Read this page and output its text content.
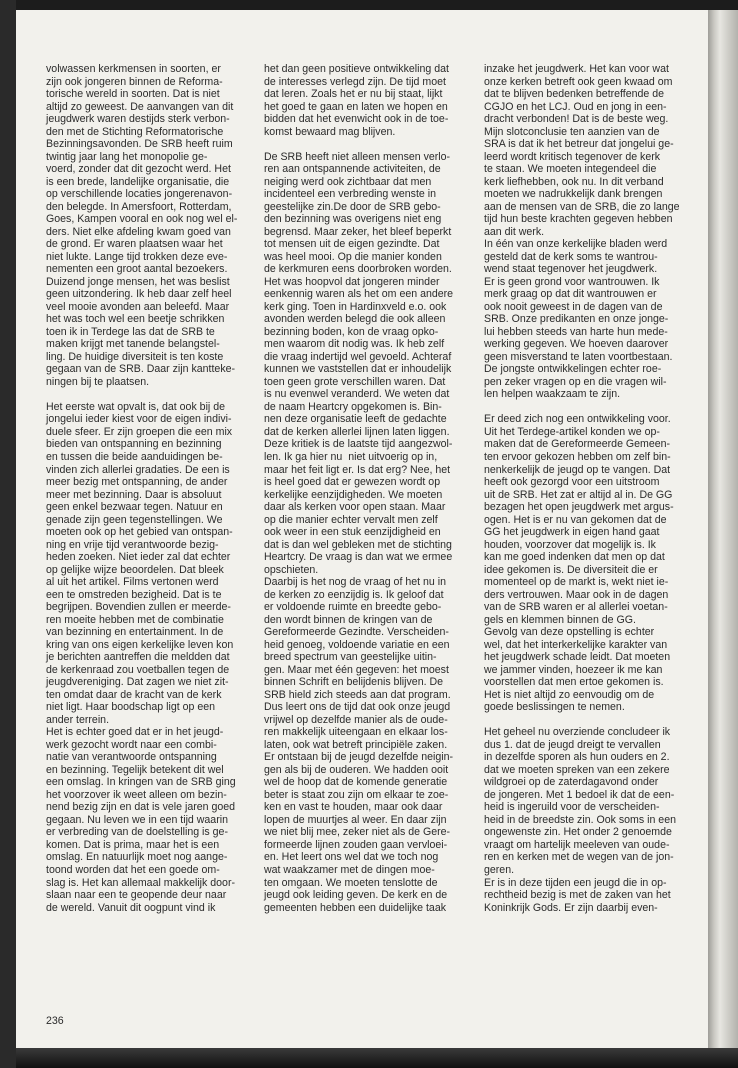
volwassen kerkmensen in soorten, er

zijn ook jongeren binnen de Reforma-

torische wereld in soorten. Dat is niet

altijd zo geweest. De aanvangen van dit

jeugdwerk waren destijds sterk verbon-

den met de Stichting Reformatorische

Bezinningsavonden. De SRB heeft ruim

twintig jaar lang het monopolie ge-

voerd, zonder dat dit gezocht werd. Het

is een brede, landelijke organisatie, die

op verschillende locaties jongerenavon-

den belegde. In Amersfoort, Rotterdam,

Goes, Kampen vooral en ook nog wel el-

ders. Niet elke afdeling kwam goed van

de grond. Er waren plaatsen waar het

niet lukte. Lange tijd trokken deze eve-

nementen een groot aantal bezoekers.

Duizend jonge mensen, het was beslist

geen uitzondering. Ik heb daar zelf heel

veel mooie avonden aan beleefd. Maar

het was toch wel een beetje schrikken

toen ik in Terdege las dat de SRB te

maken krijgt met tanende belangstel-

ling. De huidige diversiteit is ten koste

gegaan van de SRB. Daar zijn kantteke-

ningen bij te plaatsen.

Het eerste wat opvalt is, dat ook bij de

jongelui ieder kiest voor de eigen indivi-

duele sfeer. Er zijn groepen die een mix

bieden van ontspanning en bezinning

en tussen die beide aanduidingen be-

vinden zich allerlei gradaties. De een is

meer bezig met ontspanning, de ander

meer met bezinning. Daar is absoluut

geen enkel bezwaar tegen. Natuur en

genade zijn geen tegenstellingen. We

moeten ook op het gebied van ontspan-

ning en vrije tijd verantwoorde bezig-

heden zoeken. Niet ieder zal dat echter

op gelijke wijze beoordelen. Dat bleek

al uit het artikel. Films vertonen werd

een te omstreden bezigheid. Dat is te

begrijpen. Bovendien zullen er meerde-

ren moeite hebben met de combinatie

van bezinning en entertainment. In de

kring van ons eigen kerkelijke leven kon

je berichten aantreffen die meldden dat

de kerkenraad zou voetballen tegen de

jeugdvereniging. Dat zagen we niet zit-

ten omdat daar de kracht van de kerk

niet ligt. Haar boodschap ligt op een

ander terrein.

Het is echter goed dat er in het jeugd-

werk gezocht wordt naar een combi-

natie van verantwoorde ontspanning

en bezinning. Tegelijk betekent dit wel

een omslag. In kringen van de SRB ging

het voorzover ik weet alleen om bezin-

nend bezig zijn en dat is vele jaren goed

gegaan. Nu leven we in een tijd waarin

er verbreding van de doelstelling is ge-

komen. Dat is prima, maar het is een

omslag. En natuurlijk moet nog aange-

toond worden dat het een goede om-

slag is. Het kan allemaal makkelijk door-

slaan naar een te geopende deur naar

de wereld. Vanuit dit oogpunt vind ik

het dan geen positieve ontwikkeling dat

de interesses verlegd zijn. De tijd moet

dat leren. Zoals het er nu bij staat, lijkt

het goed te gaan en laten we hopen en

bidden dat het evenwicht ook in de toe-

komst bewaard mag blijven.

De SRB heeft niet alleen mensen verlo-

ren aan ontspannende activiteiten, de

neiging werd ook zichtbaar dat men

incidenteel een verbreding wenste in

geestelijke zin.De door de SRB gebo-

den bezinning was overigens niet eng

begrensd. Maar zeker, het bleef beperkt

tot mensen uit de eigen gezindte. Dat

was heel mooi. Op die manier konden

de kerkmuren eens doorbroken worden.

Het was hoopvol dat jongeren minder

eenkennig waren als het om een andere

kerk ging. Toen in Hardinxveld e.o. ook

avonden werden belegd die ook alleen

bezinning boden, kon de vraag opko-

men waarom dit nodig was. Ik heb zelf

die vraag indertijd wel gevoeld. Achteraf

kunnen we vaststellen dat er inhoudelijk

toen geen grote verschillen waren. Dat

is nu evenwel veranderd. We weten dat

de naam Heartcry opgekomen is. Bin-

nen deze organisatie leeft de gedachte

dat de kerken allerlei lijnen laten liggen.

Deze kritiek is de laatste tijd aangezwol-

len. Ik ga hier nu  niet uitvoerig op in,

maar het feit ligt er. Is dat erg? Nee, het

is heel goed dat er gewezen wordt op

kerkelijke eenzijdigheden. We moeten

daar als kerken voor open staan. Maar

op die manier echter vervalt men zelf

ook weer in een stuk eenzijdigheid en

dat is dan wel gebleken met de stichting

Heartcry. De vraag is dan wat we ermee

opschieten.

Daarbij is het nog de vraag of het nu in

de kerken zo eenzijdig is. Ik geloof dat

er voldoende ruimte en breedte gebo-

den wordt binnen de kringen van de

Gereformeerde Gezindte. Verscheiden-

heid genoeg, voldoende variatie en een

breed spectrum van geestelijke uitin-

gen. Maar met één gegeven: het moest

binnen Schrift en belijdenis blijven. De

SRB hield zich steeds aan dat program.

Dus leert ons de tijd dat ook onze jeugd

vrijwel op dezelfde manier als de oude-

ren makkelijk uiteengaan en elkaar los-

laten, ook wat betreft principiële zaken.

Er ontstaan bij de jeugd dezelfde neigin-

gen als bij de ouderen. We hadden ooit

wel de hoop dat de komende generatie

beter is staat zou zijn om elkaar te zoe-

ken en vast te houden, maar ook daar

lopen de muurtjes al weer. En daar zijn

we niet blij mee, zeker niet als de Gere-

formeerde lijnen zouden gaan vervloei-

en. Het leert ons wel dat we toch nog

wat waakzamer met de dingen moe-

ten omgaan. We moeten tenslotte de

jeugd ook leiding geven. De kerk en de

gemeenten hebben een duidelijke taak

inzake het jeugdwerk. Het kan voor wat

onze kerken betreft ook geen kwaad om

dat te blijven bedenken betreffende de

CGJO en het LCJ. Oud en jong in een-

dracht verbonden! Dat is de beste weg.

Mijn slotconclusie ten aanzien van de

SRA is dat ik het betreur dat jongelui ge-

leerd wordt kritisch tegenover de kerk

te staan. We moeten integendeel die

kerk liefhebben, ook nu. In dit verband

moeten we nadrukkelijk dank brengen

aan de mensen van de SRB, die zo lange

tijd hun beste krachten gegeven hebben

aan dit werk.

In één van onze kerkelijke bladen werd

gesteld dat de kerk soms te wantrou-

wend staat tegenover het jeugdwerk.

Er is geen grond voor wantrouwen. Ik

merk graag op dat dit wantrouwen er

ook nooit geweest in de dagen van de

SRB. Onze predikanten en onze jonge-

lui hebben steeds van harte hun mede-

werking gegeven. We hoeven daarover

geen misverstand te laten voortbestaan.

De jongste ontwikkelingen echter roe-

pen zeker vragen op en die vragen wil-

len helpen waakzaam te zijn.

Er deed zich nog een ontwikkeling voor.

Uit het Terdege-artikel konden we op-

maken dat de Gereformeerde Gemeen-

ten ervoor gekozen hebben om zelf bin-

nenkerkelijk de jeugd op te vangen. Dat

heeft ook gezorgd voor een uitstroom

uit de SRB. Het zat er altijd al in. De GG

bezagen het open jeugdwerk met argus-

ogen. Het is er nu van gekomen dat de

GG het jeugdwerk in eigen hand gaat

houden, voorzover dat mogelijk is. Ik

kan me goed indenken dat men op dat

idee gekomen is. De diversiteit die er

momenteel op de markt is, wekt niet ie-

ders vertrouwen. Maar ook in de dagen

van de SRB waren er al allerlei voetan-

gels en klemmen binnen de GG.

Gevolg van deze opstelling is echter

wel, dat het interkerkelijke karakter van

het jeugdwerk schade leidt. Dat moeten

we jammer vinden, hoezeer ik me kan

voorstellen dat men ertoe gekomen is.

Het is niet altijd zo eenvoudig om de

goede beslissingen te nemen.

Het geheel nu overziende concludeer ik

dus 1. dat de jeugd dreigt te vervallen

in dezelfde sporen als hun ouders en 2.

dat we moeten spreken van een zekere

wildgroei op de zaterdagavond onder

de jongeren. Met 1 bedoel ik dat de een-

heid is ingeruild voor de verscheiden-

heid in de breedste zin. Ook soms in een

ongewenste zin. Het onder 2 genoemde

vraagt om hartelijk meeleven van oude-

ren en kerken met de wegen van de jon-

geren.

Er is in deze tijden een jeugd die in op-

rechtheid bezig is met de zaken van het

Koninkrijk Gods. Er zijn daarbij even-

236
